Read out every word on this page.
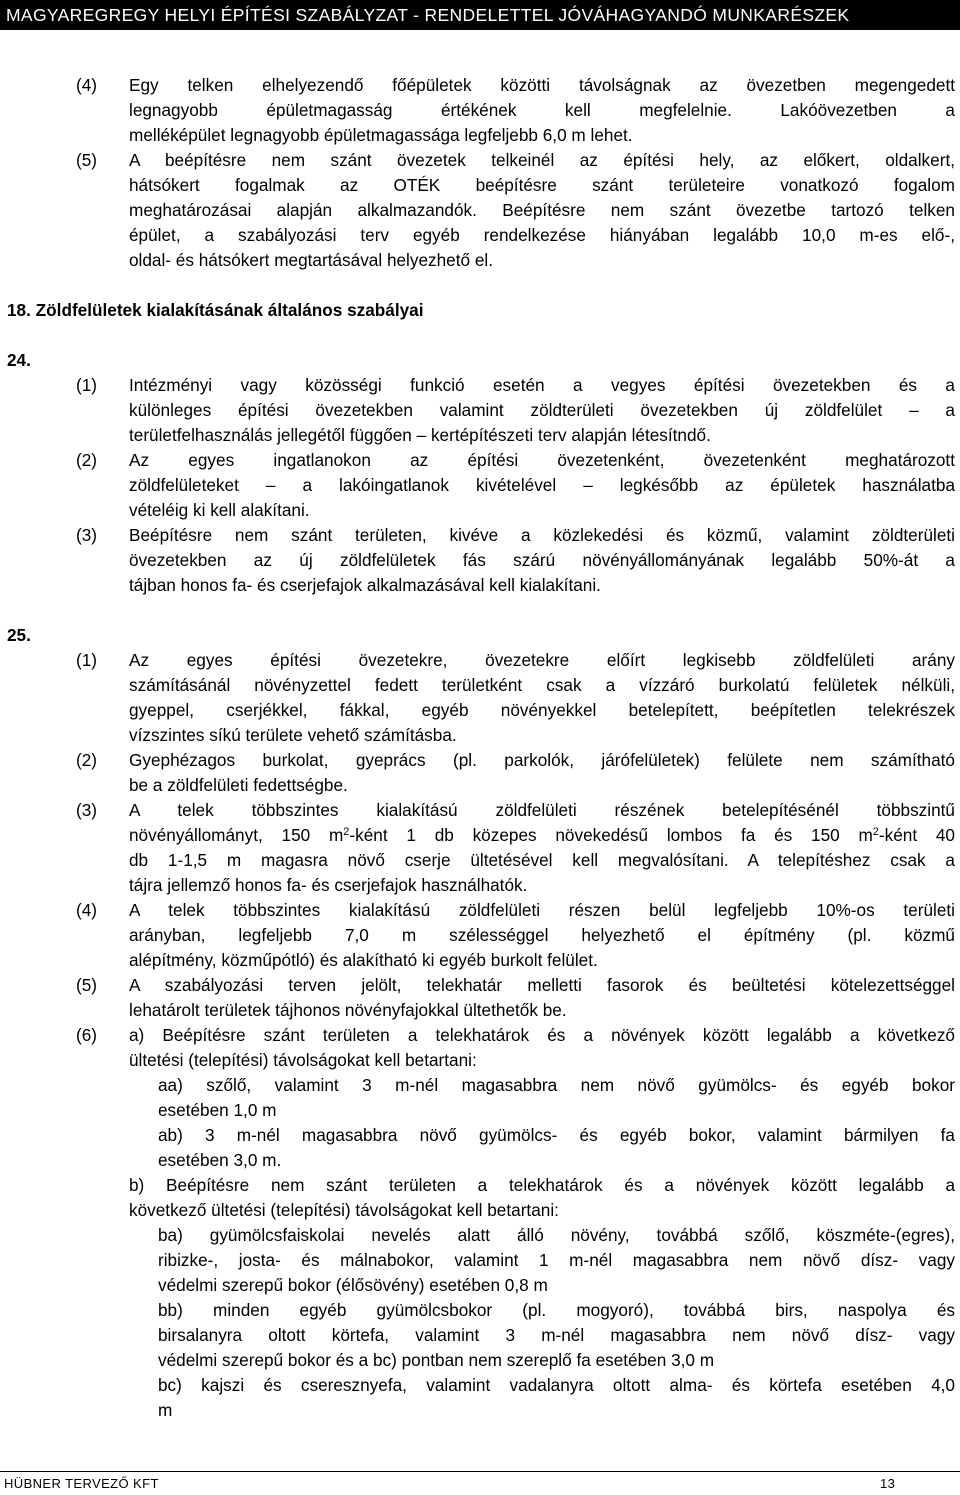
MAGYAREGREGY HELYI ÉPÍTÉSI SZABÁLYZAT - RENDELETTEL JÓVÁHAGYANDÓ MUNKARÉSZEK
(4) Egy telken elhelyezendő főépületek közötti távolságnak az övezetben megengedett
legnagyobb épületmagasság értékének kell megfelelnie. Lakóövezetben a
melléképület legnagyobb épületmagassága legfeljebb 6,0 m lehet.
(5) A beépítésre nem szánt övezetek telkeinél az építési hely, az előkert, oldalkert,
hátsókert fogalmak az OTÉK beépítésre szánt területeire vonatkozó fogalom
meghatározásai alapján alkalmazandók. Beépítésre nem szánt övezetbe tartozó telken
épület, a szabályozási terv egyéb rendelkezése hiányában legalább 10,0 m-es elő-,
oldal- és hátsókert megtartásával helyezhető el.
18. Zöldfelületek kialakításának általános szabályai
24.
(1) Intézményi vagy közösségi funkció esetén a vegyes építési övezetekben és a
különleges építési övezetekben valamint zöldterületi övezetekben új zöldfelület – a
területfelhasználás jellegétől függően – kertépítészeti terv alapján létesítndő.
(2) Az egyes ingatlanokon az építési övezetenként, övezetenként meghatározott
zöldfelületeket – a lakóingatlanok kivételével – legkésőbb az épületek használatba
vételéig ki kell alakítani.
(3) Beépítésre nem szánt területen, kivéve a közlekedési és közmű, valamint zöldterületi
övezetekben az új zöldfelületek fás szárú növényállományának legalább 50%-át a
tájban honos fa- és cserjefajok alkalmazásával kell kialakítani.
25.
(1) Az egyes építési övezetekre, övezetekre előírt legkisebb zöldfelületi arány
számításánál növényzettel fedett területként csak a vízzáró burkolatú felületek nélküli,
gyeppel, cserjékkel, fákkal, egyéb növényekkel betelepített, beépítetlen telekrészek
vízszintes síkú területe vehető számításba.
(2) Gyephézagos burkolat, gyeprács (pl. parkolók, járófelületek) felülete nem számítható
be a zöldfelületi fedettségbe.
(3) A telek többszintes kialakítású zöldfelületi részének betelepítésénél többszintű
növényállományt, 150 $m^2$-ként 1 db közepes növekedésű lombos fa és 150 $m^2$-ként 40
db 1-1,5 m magasra növő cserje ültetésével kell megvalósítani. A telepítéshez csak a
tájra jellemző honos fa- és cserjefajok használhatók.
(4) A telek többszintes kialakítású zöldfelületi részen belül legfeljebb 10%-os területi
arányban, legfeljebb 7,0 m szélességgel helyezhető el építmény (pl. közmű
alépítmény, közműpótló) és alakítható ki egyéb burkolt felület.
(5) A szabályozási terven jelölt, telekhatár melletti fasorok és beültetési kötelezettséggel
lehatárolt területek tájhonos növényfajokkal ültethetők be.
(6) a) Beépítésre szánt területen a telekhatárok és a növények között legalább a következő
ültetési (telepítési) távolságokat kell betartani:
aa) szőlő, valamint 3 m-nél magasabbra nem növő gyümölcs- és egyéb bokor
esetében 1,0 m
ab) 3 m-nél magasabbra növő gyümölcs- és egyéb bokor, valamint bármilyen fa
esetében 3,0 m.
b) Beépítésre nem szánt területen a telekhatárok és a növények között legalább a
következő ültetési (telepítési) távolságokat kell betartani:
ba) gyümölcsfaiskolai nevelés alatt álló növény, továbbá szőlő, köszméte-(egres),
ribizke-, josta- és málnabokor, valamint 1 m-nél magasabbra nem növő dísz- vagy
védelmi szerepű bokor (élősövény) esetében 0,8 m
bb) minden egyéb gyümölcsbokor (pl. mogyoró), továbbá birs, naspolya és
birsalanyra oltott körtefa, valamint 3 m-nél magasabbra nem növő dísz- vagy
védelmi szerepű bokor és a bc) pontban nem szereplő fa esetében 3,0 m
bc) kajszi és cseresznyefa, valamint vadalanyra oltott alma- és körtefa esetében 4,0
m
HÜBNER TERVEZŐ KFT	13
